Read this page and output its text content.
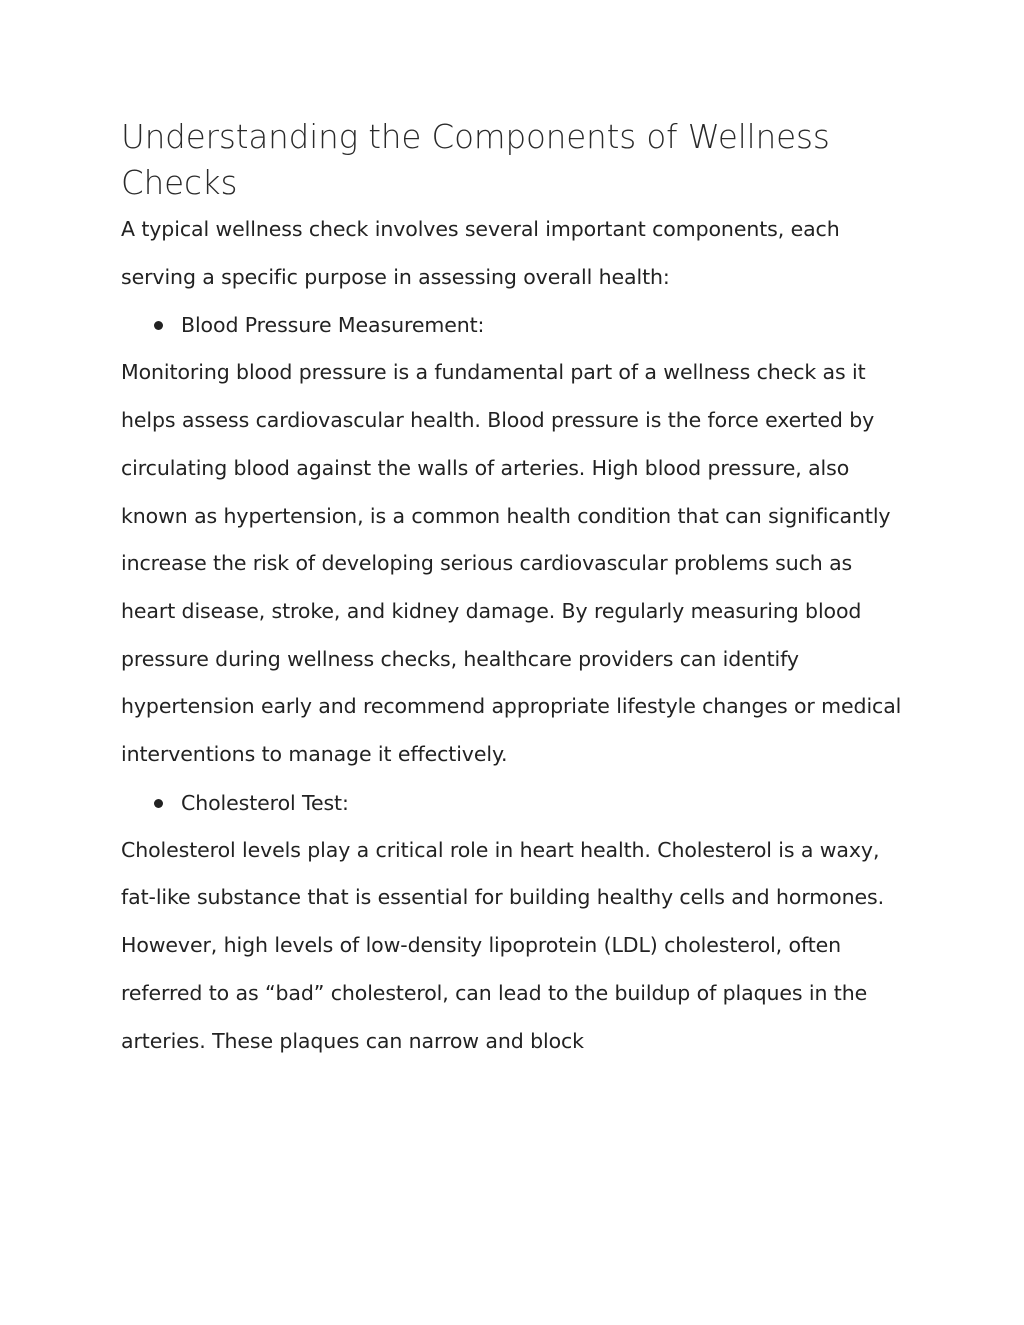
Understanding the Components of Wellness Checks

A typical wellness check involves several important components, each serving a specific purpose in assessing overall health:

Blood Pressure Measurement:

Monitoring blood pressure is a fundamental part of a wellness check as it helps assess cardiovascular health. Blood pressure is the force exerted by circulating blood against the walls of arteries. High blood pressure, also known as hypertension, is a common health condition that can significantly increase the risk of developing serious cardiovascular problems such as heart disease, stroke, and kidney damage. By regularly measuring blood pressure during wellness checks, healthcare providers can identify hypertension early and recommend appropriate lifestyle changes or medical interventions to manage it effectively.

Cholesterol Test:

Cholesterol levels play a critical role in heart health. Cholesterol is a waxy, fat-like substance that is essential for building healthy cells and hormones. However, high levels of low-density lipoprotein (LDL) cholesterol, often referred to as “bad” cholesterol, can lead to the buildup of plaques in the arteries. These plaques can narrow and block
